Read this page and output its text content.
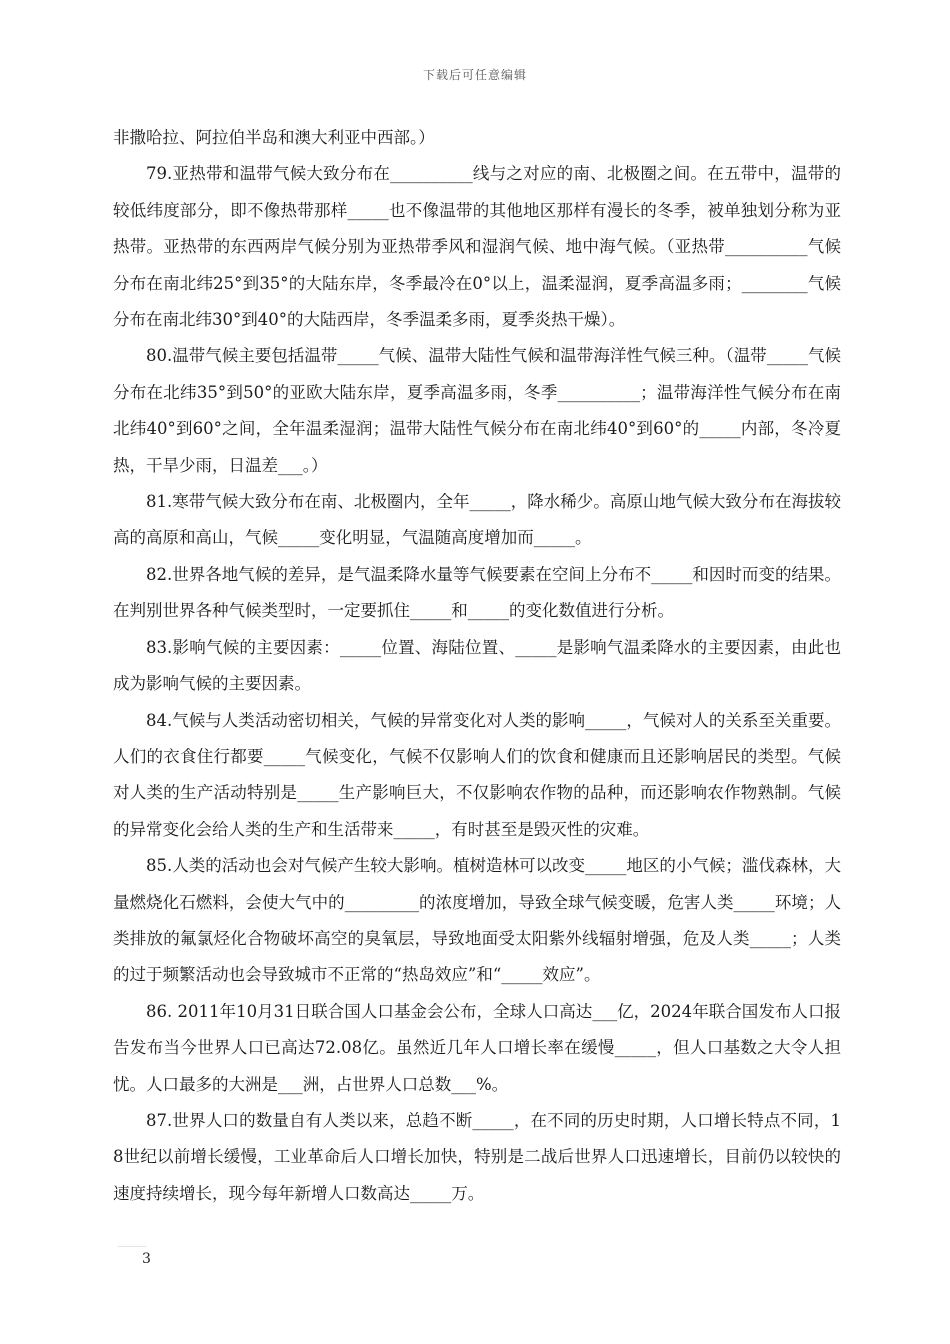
下载后可任意编辑

非撒哈拉、阿拉伯半岛和澳大利亚中西部。）

79.亚热带和温带气候大致分布在__________线与之对应的南、北极圈之间。在五带中，温带的较低纬度部分，即不像热带那样_____也不像温带的其他地区那样有漫长的冬季，被单独划分称为亚热带。亚热带的东西两岸气候分别为亚热带季风和湿润气候、地中海气候。（亚热带__________气候分布在南北纬25°到35°的大陆东岸，冬季最冷在0°以上，温柔湿润，夏季高温多雨；________气候分布在南北纬30°到40°的大陆西岸，冬季温柔多雨，夏季炎热干燥）。

80.温带气候主要包括温带_____气候、温带大陆性气候和温带海洋性气候三种。（温带_____气候分布在北纬35°到50°的亚欧大陆东岸，夏季高温多雨，冬季__________；温带海洋性气候分布在南北纬40°到60°之间，全年温柔湿润；温带大陆性气候分布在南北纬40°到60°的_____内部，冬冷夏热，干旱少雨，日温差___。）

81.寒带气候大致分布在南、北极圈内，全年_____，降水稀少。高原山地气候大致分布在海拔较高的高原和高山，气候_____变化明显，气温随高度增加而_____。

82.世界各地气候的差异，是气温柔降水量等气候要素在空间上分布不_____和因时而变的结果。在判别世界各种气候类型时，一定要抓住_____和_____的变化数值进行分析。

83.影响气候的主要因素：_____位置、海陆位置、_____是影响气温柔降水的主要因素，由此也成为影响气候的主要因素。

84.气候与人类活动密切相关，气候的异常变化对人类的影响_____，气候对人的关系至关重要。人们的衣食住行都要_____气候变化，气候不仅影响人们的饮食和健康而且还影响居民的类型。气候对人类的生产活动特别是_____生产影响巨大，不仅影响农作物的品种，而还影响农作物熟制。气候的异常变化会给人类的生产和生活带来_____，有时甚至是毁灭性的灾难。

85.人类的活动也会对气候产生较大影响。植树造林可以改变_____地区的小气候；滥伐森林，大量燃烧化石燃料，会使大气中的_________的浓度增加，导致全球气候变暖，危害人类_____环境；人类排放的氟氯烃化合物破坏高空的臭氧层，导致地面受太阳紫外线辐射增强，危及人类_____；人类的过于频繁活动也会导致城市不正常的“热岛效应”和“_____效应”。

86. 2011年10月31日联合国人口基金会公布，全球人口高达___亿，2024年联合国发布人口报告发布当今世界人口已高达72.08亿。虽然近几年人口增长率在缓慢_____，但人口基数之大令人担忧。人口最多的大洲是___洲，占世界人口总数___%。

87.世界人口的数量自有人类以来，总趋不断_____，在不同的历史时期，人口增长特点不同，18世纪以前增长缓慢，工业革命后人口增长加快，特别是二战后世界人口迅速增长，目前仍以较快的速度持续增长，现今每年新增人口数高达_____万。

3
